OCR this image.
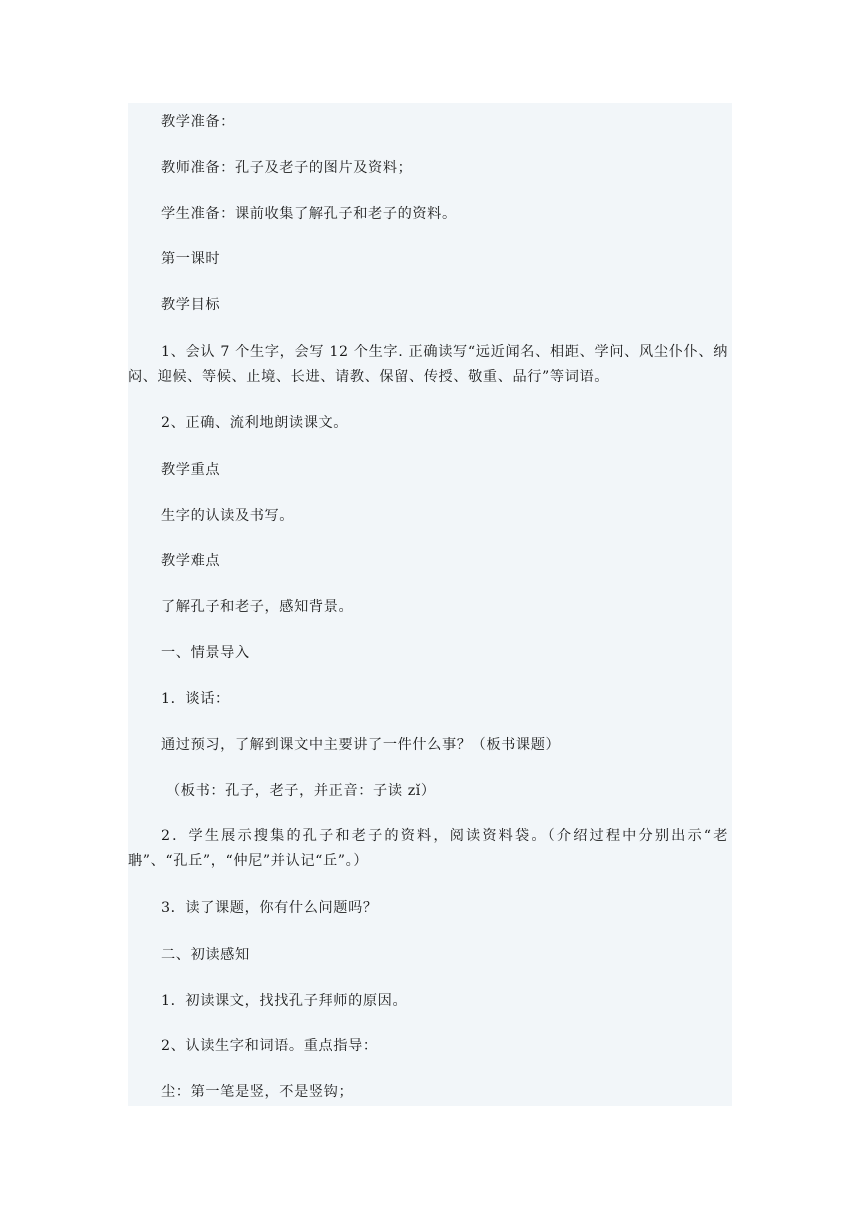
教学准备：

教师准备：孔子及老子的图片及资料；

学生准备：课前收集了解孔子和老子的资料。

第一课时

教学目标

1、会认 7 个生字，会写 12 个生字. 正确读写“远近闻名、相距、学问、风尘仆仆、纳闷、迎候、等候、止境、长进、请教、保留、传授、敬重、品行”等词语。

2、正确、流利地朗读课文。

教学重点

生字的认读及书写。

教学难点

了解孔子和老子，感知背景。

一、情景导入

1．谈话：

通过预习，了解到课文中主要讲了一件什么事？（板书课题）

（板书：孔子，老子，并正音：子读 zǐ）

2．学生展示搜集的孔子和老子的资料，阅读资料袋。（介绍过程中分别出示“老聃”、“孔丘”，“仲尼”并认记“丘”。）

3．读了课题，你有什么问题吗？

二、初读感知

1．初读课文，找找孔子拜师的原因。

2、认读生字和词语。重点指导：

尘：第一笔是竖，不是竖钩；
